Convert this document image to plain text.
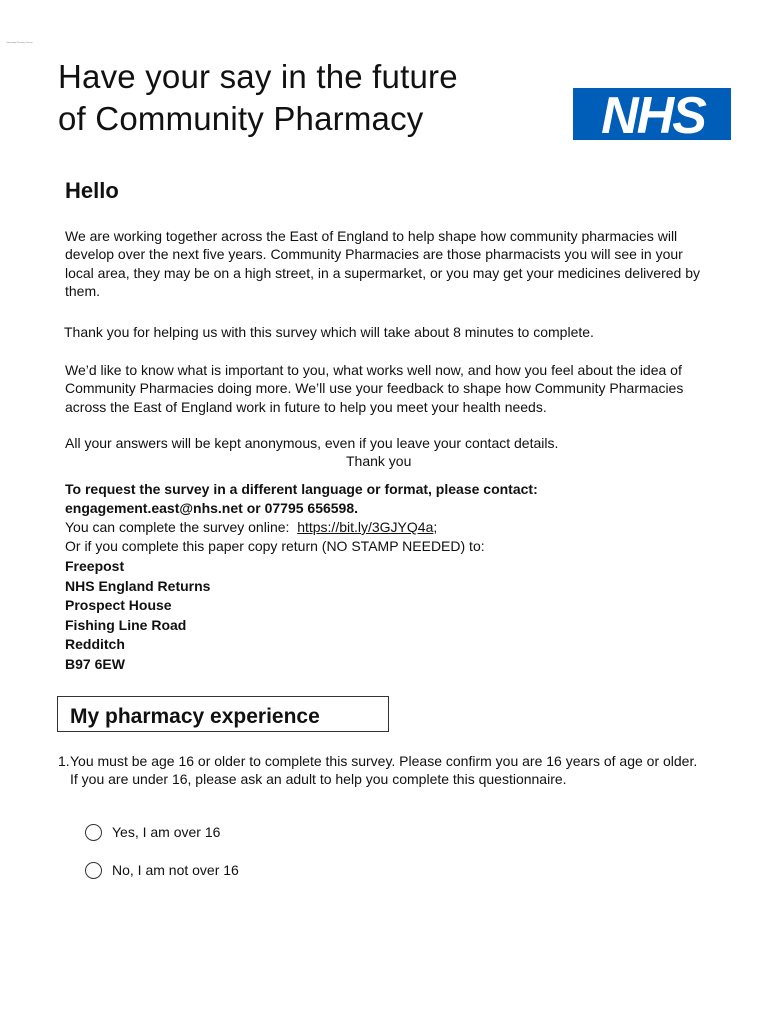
Community Pharmacy Survey
Have your say in the future
of Community Pharmacy	NHS
Hello

We are working together across the East of England to help shape how community pharmacies will develop over the next five years. Community Pharmacies are those pharmacists you will see in your local area, they may be on a high street, in a supermarket, or you may get your medicines delivered by them.

Thank you for helping us with this survey which will take about 8 minutes to complete.

We’d like to know what is important to you, what works well now, and how you feel about the idea of Community Pharmacies doing more. We’ll use your feedback to shape how Community Pharmacies across the East of England work in future to help you meet your health needs.

All your answers will be kept anonymous, even if you leave your contact details.

Thank you
To request the survey in a different language or format, please contact: engagement.east@nhs.net or 07795 656598.
You can complete the survey online:  https://bit.ly/3GJYQ4a;
Or if you complete this paper copy return (NO STAMP NEEDED) to:
Freepost
NHS England Returns
Prospect House
Fishing Line Road
Redditch
B97 6EW
My pharmacy experience
1. You must be age 16 or older to complete this survey. Please confirm you are 16 years of age or older. If you are under 16, please ask an adult to help you complete this questionnaire.
Yes, I am over 16
No, I am not over 16
